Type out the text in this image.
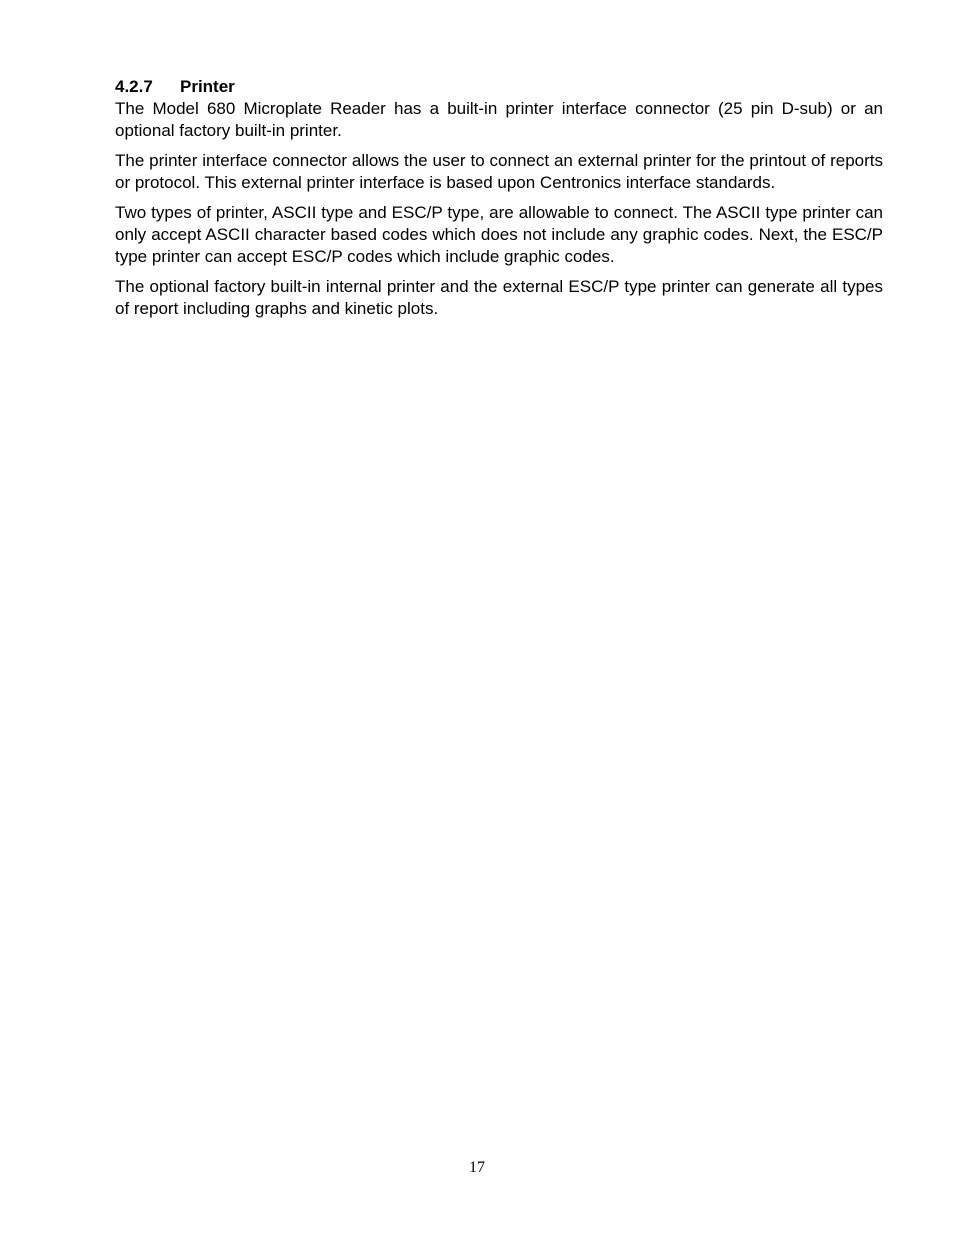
4.2.7 Printer

The Model 680 Microplate Reader has a built-in printer interface connector (25 pin D-sub) or an optional factory built-in printer.

The printer interface connector allows the user to connect an external printer for the printout of reports or protocol. This external printer interface is based upon Centronics interface standards.

Two types of printer, ASCII type and ESC/P type, are allowable to connect. The ASCII type printer can only accept ASCII character based codes which does not include any graphic codes. Next, the ESC/P type printer can accept ESC/P codes which include graphic codes.

The optional factory built-in internal printer and the external ESC/P type printer can generate all types of report including graphs and kinetic plots.

17
